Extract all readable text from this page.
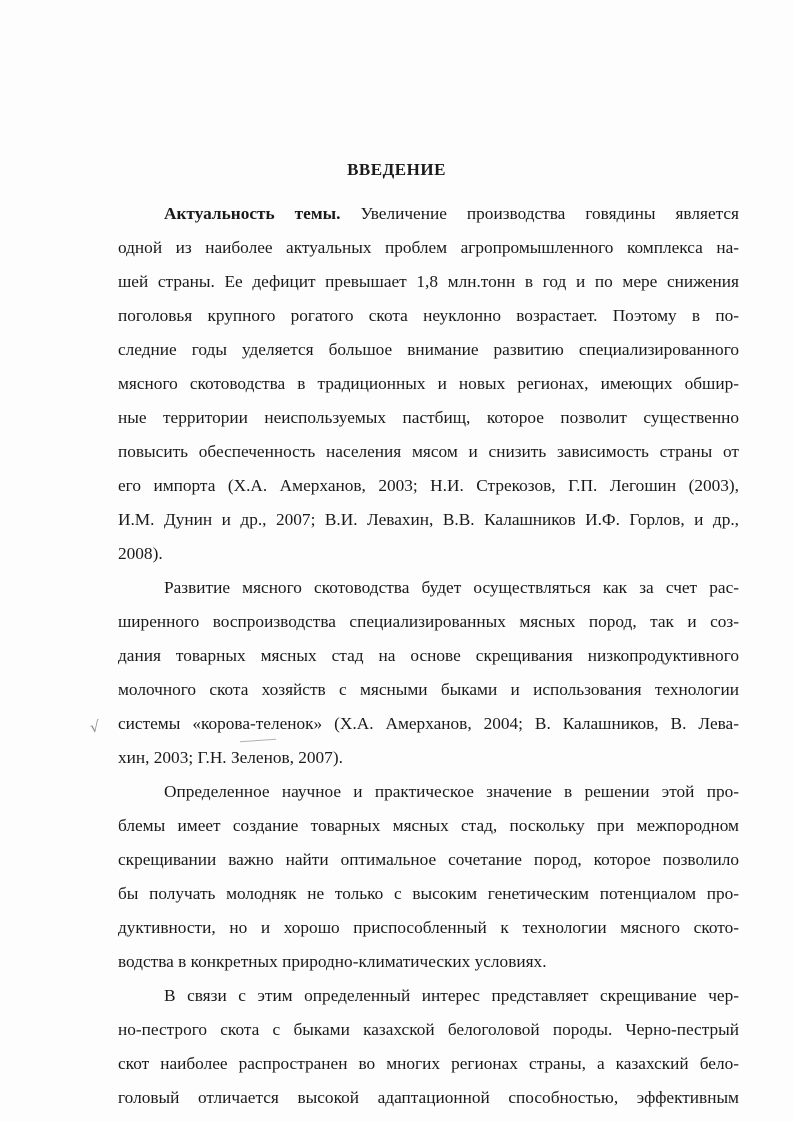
ВВЕДЕНИЕ
Актуальность темы. Увеличение производства говядины является
одной из наиболее актуальных проблем агропромышленного комплекса на-
шей страны. Ее дефицит превышает 1,8 млн.тонн в год и по мере снижения
поголовья крупного рогатого скота неуклонно возрастает. Поэтому в по-
следние годы уделяется большое внимание развитию специализированного
мясного скотоводства в традиционных и новых регионах, имеющих обшир-
ные территории неиспользуемых пастбищ, которое позволит существенно
повысить обеспеченность населения мясом и снизить зависимость страны от
его импорта (Х.А. Амерханов, 2003; Н.И. Стрекозов, Г.П. Легошин (2003),
И.М. Дунин и др., 2007; В.И. Левахин, В.В. Калашников И.Ф. Горлов, и др.,
2008).
Развитие мясного скотоводства будет осуществляться как за счет рас-
ширенного воспроизводства специализированных мясных пород, так и соз-
дания товарных мясных стад на основе скрещивания низкопродуктивного
молочного скота хозяйств с мясными быками и использования технологии
системы «корова-теленок» (Х.А. Амерханов, 2004; В. Калашников, В. Лева-
хин, 2003; Г.Н. Зеленов, 2007).
Определенное научное и практическое значение в решении этой про-
блемы имеет создание товарных мясных стад, поскольку при межпородном
скрещивании важно найти оптимальное сочетание пород, которое позволило
бы получать молодняк не только с высоким генетическим потенциалом про-
дуктивности, но и хорошо приспособленный к технологии мясного ското-
водства в конкретных природно-климатических условиях.
В связи с этим определенный интерес представляет скрещивание чер-
но-пестрого скота с быками казахской белоголовой породы. Черно-пестрый
скот наиболее распространен во многих регионах страны, а казахский бело-
головый отличается высокой адаптационной способностью, эффективным
√
